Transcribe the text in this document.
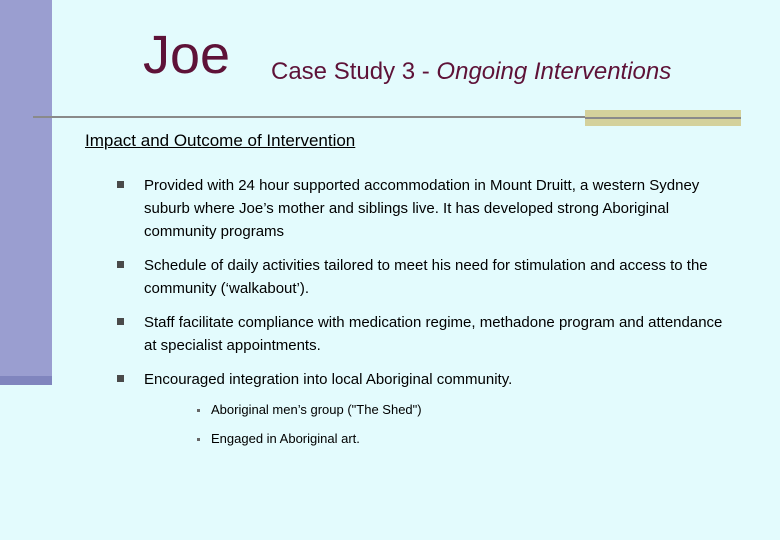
Joe Case Study 3 - Ongoing Interventions
Impact and Outcome of Intervention
Provided with 24 hour supported accommodation in Mount Druitt, a western Sydney suburb where Joe’s mother and siblings live. It has developed strong Aboriginal community programs
Schedule of daily activities tailored to meet his need for stimulation and access to the community (‘walkabout’).
Staff facilitate compliance with medication regime, methadone program and attendance at specialist appointments.
Encouraged integration into local Aboriginal community.
Aboriginal men’s group ("The Shed")
Engaged in Aboriginal art.
